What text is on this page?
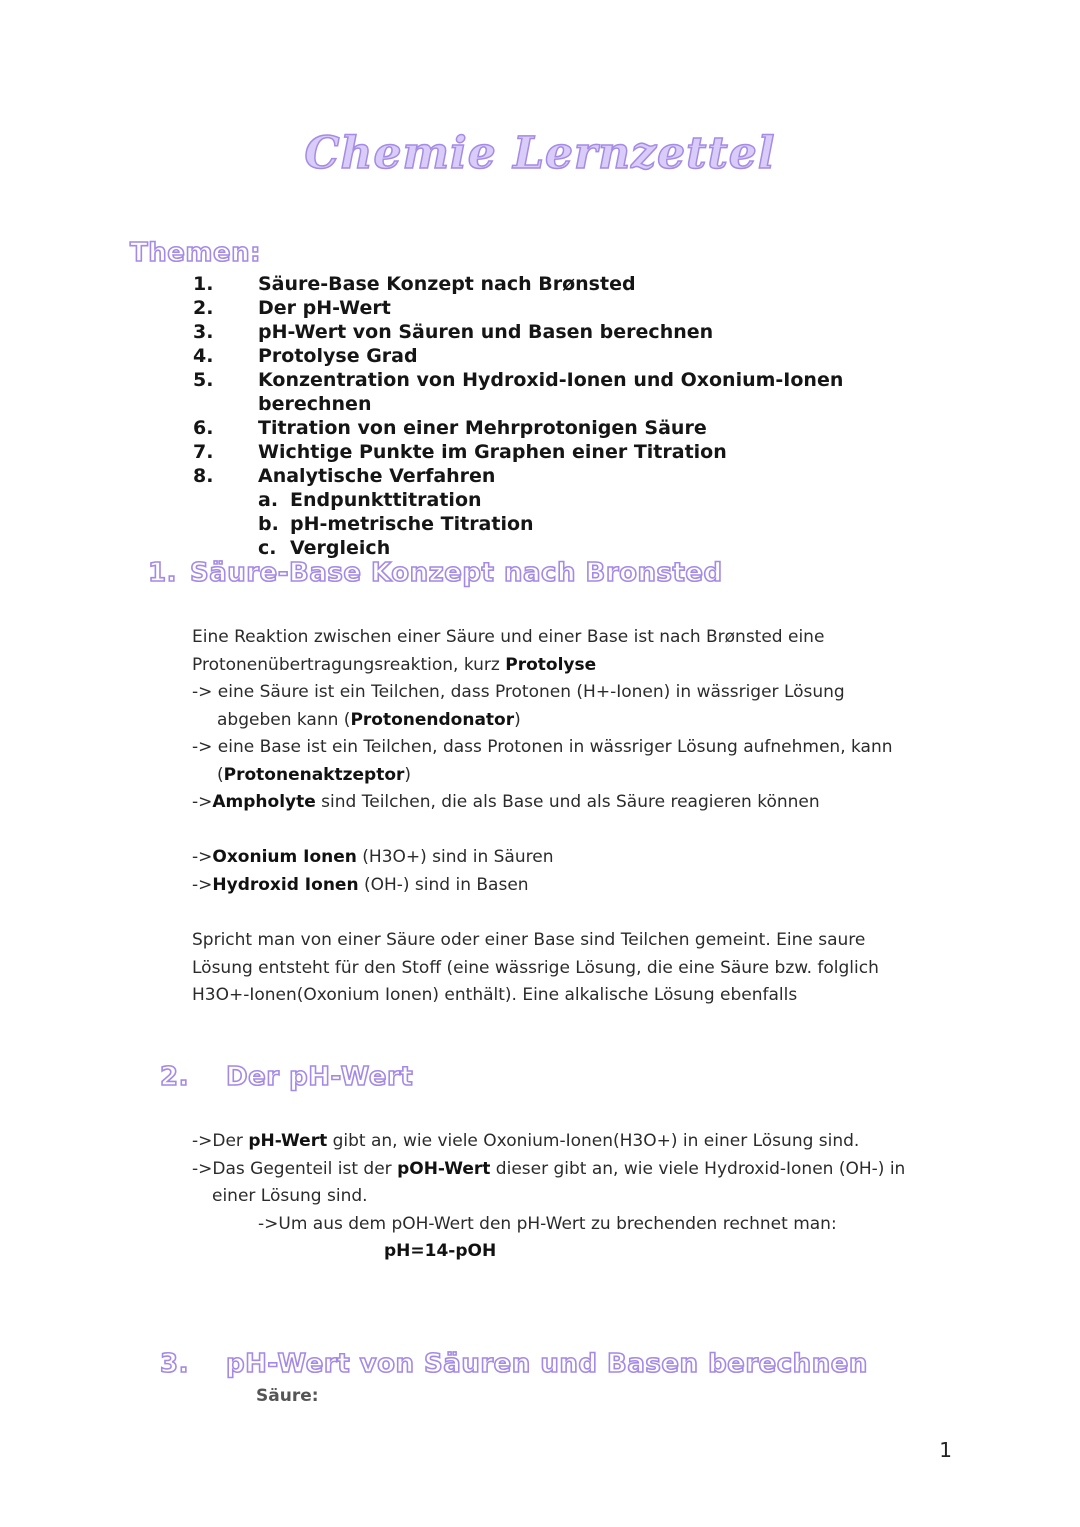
Chemie Lernzettel
Themen:
1.	Säure-Base Konzept nach Brønsted
2.	Der pH-Wert
3.	pH-Wert von Säuren und Basen berechnen
4.	Protolyse Grad
5.	Konzentration von Hydroxid-Ionen und Oxonium-Ionen
berechnen
6.	Titration von einer Mehrprotonigen Säure
7.	Wichtige Punkte im Graphen einer Titration
8.	Analytische Verfahren
a. Endpunkttitration
b. pH-metrische Titration
c. Vergleich
1. Säure-Base Konzept nach Bronsted
Eine Reaktion zwischen einer Säure und einer Base ist nach Brønsted eine
Protonenübertragungsreaktion, kurz Protolyse
-> eine Säure ist ein Teilchen, dass Protonen (H+-Ionen) in wässriger Lösung
abgeben kann (Protonendonator)
-> eine Base ist ein Teilchen, dass Protonen in wässriger Lösung aufnehmen, kann
(Protonenaktzeptor)
->Ampholyte sind Teilchen, die als Base und als Säure reagieren können
->Oxonium Ionen (H3O+) sind in Säuren
->Hydroxid Ionen (OH-) sind in Basen
Spricht man von einer Säure oder einer Base sind Teilchen gemeint. Eine saure
Lösung entsteht für den Stoff (eine wässrige Lösung, die eine Säure bzw. folglich
H3O+-Ionen(Oxonium Ionen) enthält). Eine alkalische Lösung ebenfalls
2. Der pH-Wert
->Der pH-Wert gibt an, wie viele Oxonium-Ionen(H3O+) in einer Lösung sind.
->Das Gegenteil ist der pOH-Wert dieser gibt an, wie viele Hydroxid-Ionen (OH-) in
einer Lösung sind.
->Um aus dem pOH-Wert den pH-Wert zu brechenden rechnet man:
pH=14-pOH
3. pH-Wert von Säuren und Basen berechnen
Säure:
1
